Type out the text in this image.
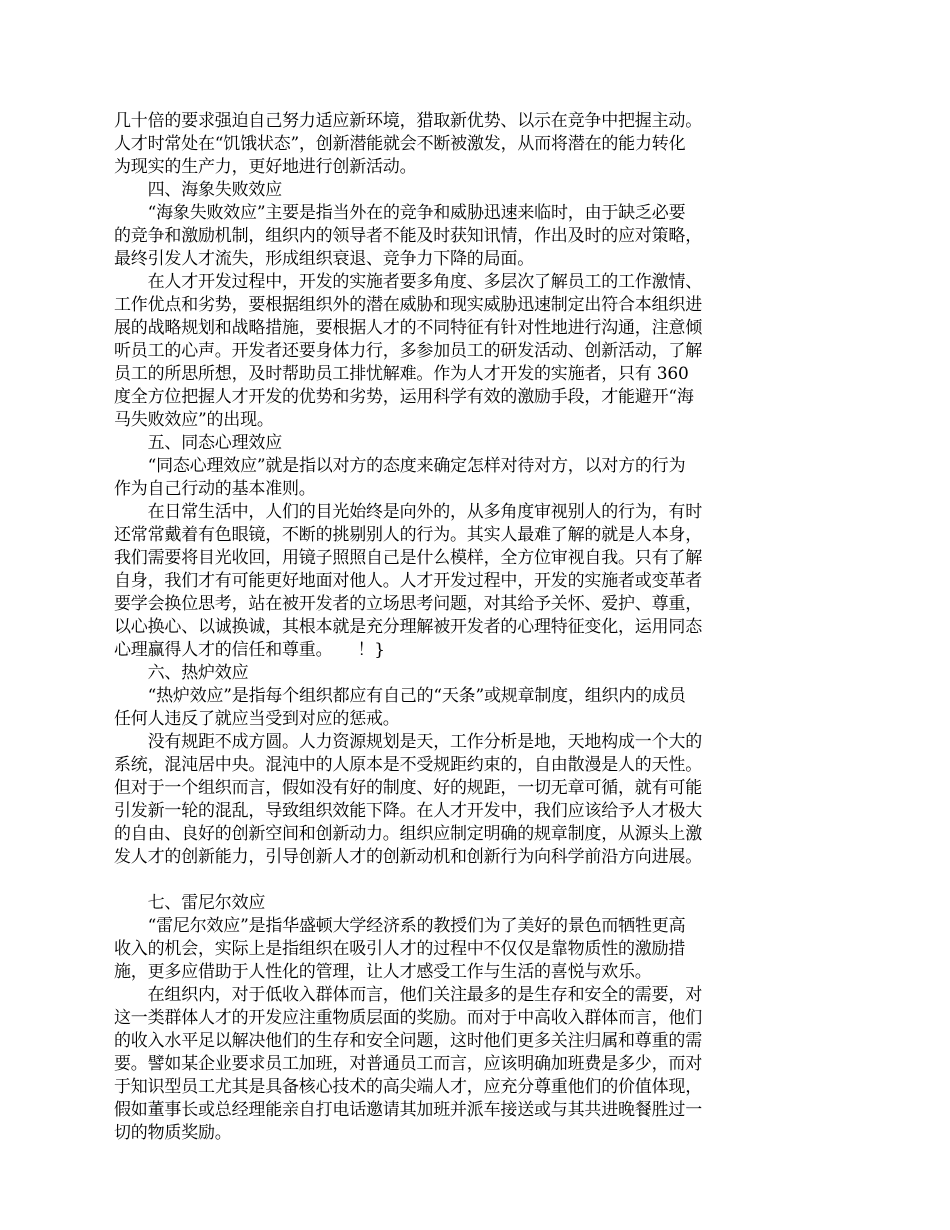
几十倍的要求强迫自己努力适应新环境，猎取新优势、以示在竞争中把握主动。
人才时常处在“饥饿状态”，创新潜能就会不断被激发，从而将潜在的能力转化
为现实的生产力，更好地进行创新活动。
　　四、海象失败效应
　　“海象失败效应”主要是指当外在的竞争和威胁迅速来临时，由于缺乏必要
的竞争和激励机制，组织内的领导者不能及时获知讯情，作出及时的应对策略，
最终引发人才流失，形成组织衰退、竞争力下降的局面。
　　在人才开发过程中，开发的实施者要多角度、多层次了解员工的工作激情、
工作优点和劣势，要根据组织外的潜在威胁和现实威胁迅速制定出符合本组织进
展的战略规划和战略措施，要根据人才的不同特征有针对性地进行沟通，注意倾
听员工的心声。开发者还要身体力行，多参加员工的研发活动、创新活动，了解
员工的所思所想，及时帮助员工排忧解难。作为人才开发的实施者，只有 360
度全方位把握人才开发的优势和劣势，运用科学有效的激励手段，才能避开“海
马失败效应”的出现。
　　五、同态心理效应
　　“同态心理效应”就是指以对方的态度来确定怎样对待对方，以对方的行为
作为自己行动的基本准则。
　　在日常生活中，人们的目光始终是向外的，从多角度审视别人的行为，有时
还常常戴着有色眼镜，不断的挑剔别人的行为。其实人最难了解的就是人本身，
我们需要将目光收回，用镜子照照自己是什么模样，全方位审视自我。只有了解
自身，我们才有可能更好地面对他人。人才开发过程中，开发的实施者或变革者
要学会换位思考，站在被开发者的立场思考问题，对其给予关怀、爱护、尊重，
以心换心、以诚换诚，其根本就是充分理解被开发者的心理特征变化，运用同态
心理赢得人才的信任和尊重。　　！}
　　六、热炉效应
　　“热炉效应”是指每个组织都应有自己的“天条”或规章制度，组织内的成员
任何人违反了就应当受到对应的惩戒。
　　没有规距不成方圆。人力资源规划是天，工作分析是地，天地构成一个大的
系统，混沌居中央。混沌中的人原本是不受规距约束的，自由散漫是人的天性。
但对于一个组织而言，假如没有好的制度、好的规距，一切无章可循，就有可能
引发新一轮的混乱，导致组织效能下降。在人才开发中，我们应该给予人才极大
的自由、良好的创新空间和创新动力。组织应制定明确的规章制度，从源头上激
发人才的创新能力，引导创新人才的创新动机和创新行为向科学前沿方向进展。
　　七、雷尼尔效应
　　“雷尼尔效应”是指华盛顿大学经济系的教授们为了美好的景色而牺牲更高
收入的机会，实际上是指组织在吸引人才的过程中不仅仅是靠物质性的激励措
施，更多应借助于人性化的管理，让人才感受工作与生活的喜悦与欢乐。
　　在组织内，对于低收入群体而言，他们关注最多的是生存和安全的需要，对
这一类群体人才的开发应注重物质层面的奖励。而对于中高收入群体而言，他们
的收入水平足以解决他们的生存和安全问题，这时他们更多关注归属和尊重的需
要。譬如某企业要求员工加班，对普通员工而言，应该明确加班费是多少，而对
于知识型员工尤其是具备核心技术的高尖端人才，应充分尊重他们的价值体现，
假如董事长或总经理能亲自打电话邀请其加班并派车接送或与其共进晚餐胜过一
切的物质奖励。
